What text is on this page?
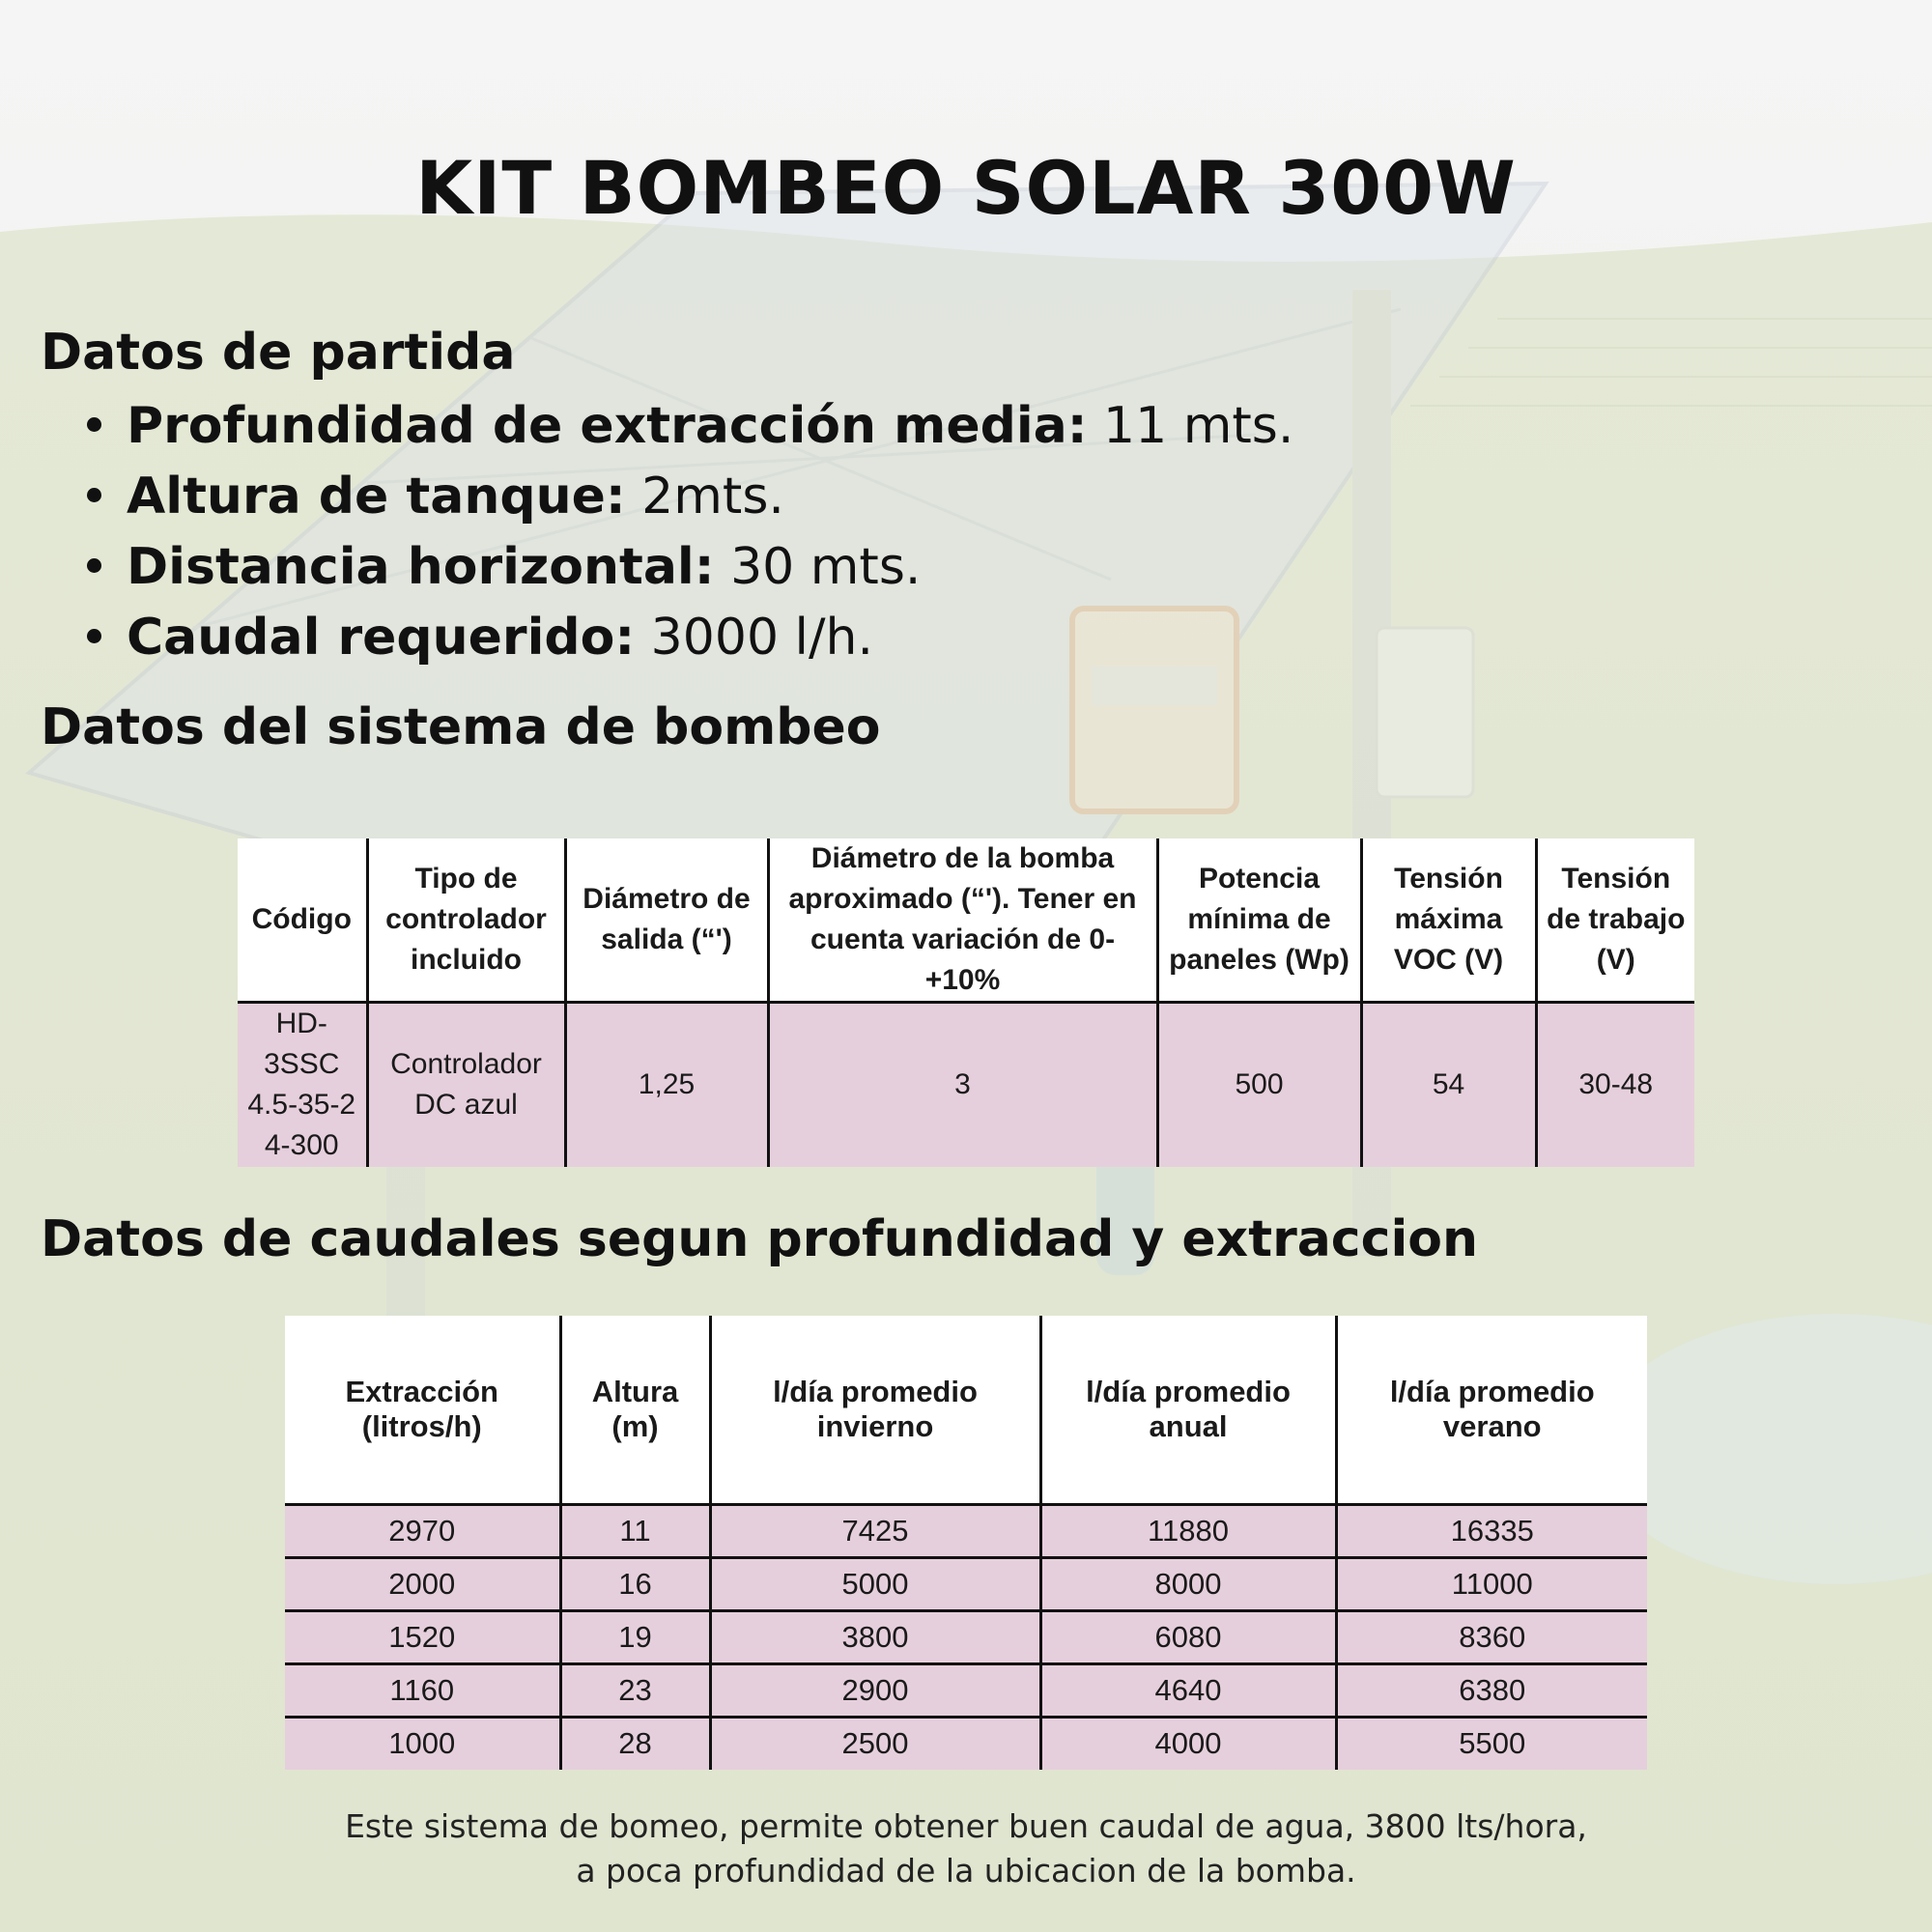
KIT BOMBEO SOLAR 300W
Datos de partida
Profundidad de extracción media: 11 mts.
Altura de tanque: 2mts.
Distancia horizontal: 30 mts.
Caudal requerido: 3000 l/h.
Datos del sistema de bombeo
Código	Tipo de controlador incluido	Diámetro de salida (“')	Diámetro de la bomba aproximado (“'). Tener en cuenta variación de 0-+10%	Potencia mínima de paneles (Wp)	Tensión máxima VOC (V)	Tensión de trabajo (V)
HD-3SSC 4.5-35-2 4-300	Controlador DC azul	1,25	3	500	54	30-48
Datos de caudales segun profundidad y extraccion
Extracción (litros/h)	Altura (m)	l/día promedio invierno	l/día promedio anual	l/día promedio verano
2970	11	7425	11880	16335
2000	16	5000	8000	11000
1520	19	3800	6080	8360
1160	23	2900	4640	6380
1000	28	2500	4000	5500
Este sistema de bomeo, permite obtener buen caudal de agua, 3800 lts/hora,
a poca profundidad de la ubicacion de la bomba.
